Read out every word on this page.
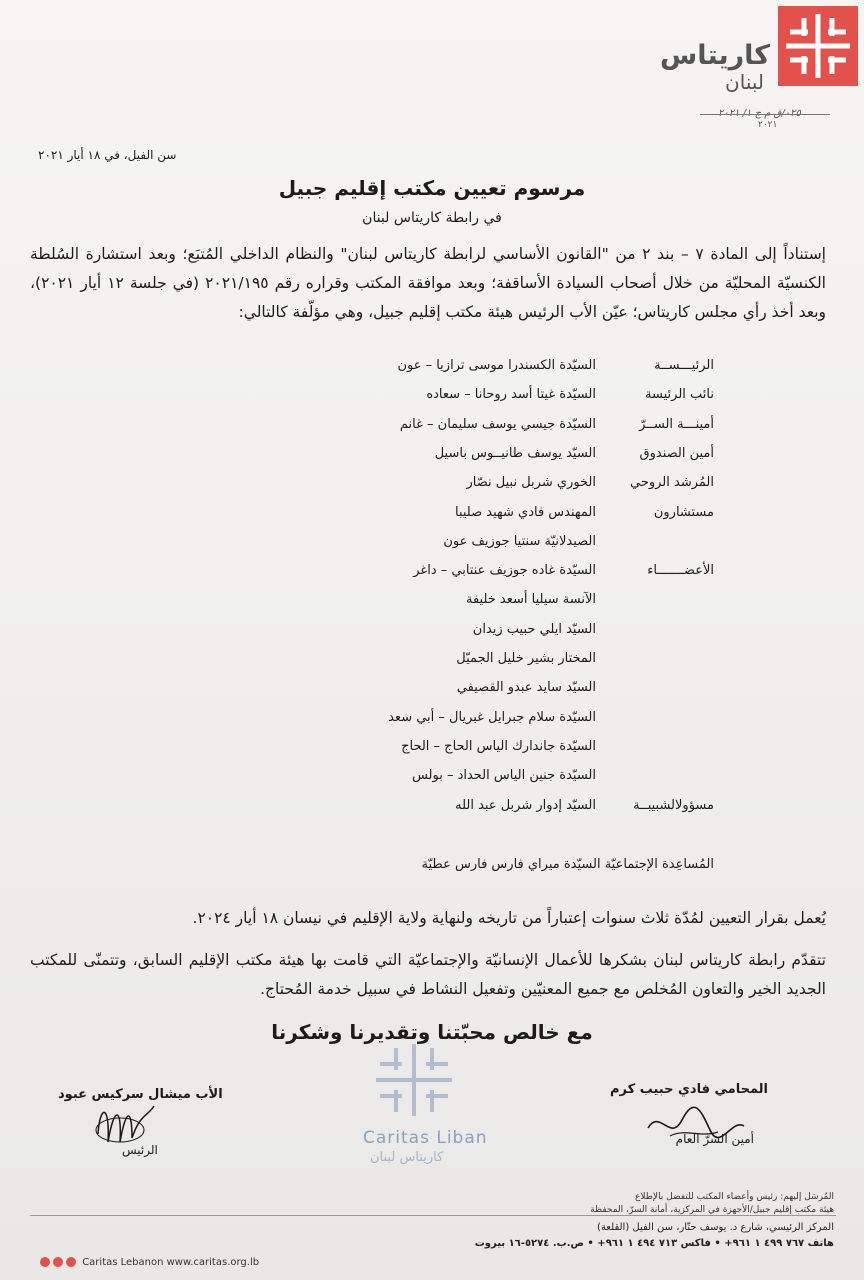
كاريتاس
لبنان
٢٠٢١
سن الفيل، في ١٨ أيار ٢٠٢١
مرسوم تعيين مكتب إقليم جبيل
في رابطة كاريتاس لبنان
إستناداً إلى المادة ٧ – بند ٢ من "القانون الأساسي لرابطة كاريتاس لبنان" والنظام الداخلي المُتبَع؛ وبعد استشارة السُلطة الكنسيّة المحليّة من خلال أصحاب السيادة الأساقفة؛ وبعد موافقة المكتب وقراره رقم ٢٠٢١/١٩٥ (في جلسة ١٢ أيار ٢٠٢١)، وبعد أخذ رأي مجلس كاريتاس؛ عيّن الأب الرئيس هيئة مكتب إقليم جبيل، وهي مؤلّفة كالتالي:
الرئيـــســة
السيّدة الكسندرا موسى ترازيا – عون
نائب الرئيسة
السيّدة غيتا أسد روحانا – سعاده
أمينـــة الســرّ
السيّدة جيسي يوسف سليمان – غانم
أمين الصندوق
السيّد يوسف طانيــوس باسيل
المُرشد الروحي
الخوري شربل نبيل نصّار
مستشارون
المهندس فادي شهيد صليبا
الصيدلانيّة سنتيا جوزيف عون
الأعضـــــــاء
السيّدة غاده جوزيف عنتابي – داغر
الآنسة سيليا أسعد خليفة
السيّد ايلي حبيب زيدان
المختار بشير خليل الجميّل
السيّد سايد عبدو القصيفي
السيّدة سلام جبرايل غبريال – أبي سعد
السيّدة جاندارك الياس الحاج – الحاج
السيّدة جنين الياس الحداد – بولس
مسؤولالشبيبــة
السيّد إدوار شربل عبد الله
المُساعِدة الإجتماعيّة السيّدة ميراي فارس فارس عطيّة
يُعمل بقرار التعيين لمُدّة ثلاث سنوات إعتباراً من تاريخه ولنهاية ولاية الإقليم في نيسان ١٨ أيار ٢٠٢٤.
تتقدّم رابطة كاريتاس لبنان بشكرها للأعمال الإنسانيّة والإجتماعيّة التي قامت بها هيئة مكتب الإقليم السابق، وتتمنّى للمكتب الجديد الخير والتعاون المُخلص مع جميع المعنيّين وتفعيل النشاط في سبيل خدمة المُحتاج.
مع خالص محبّتنا وتقديرنا وشكرنا
Caritas Liban
كاريتاس لبنان
المحامي فادي حبيب كرم
أمين السرّ العام
الأب ميشال سركيس عبود
الرئيس
المُرسَل إليهم: رئيس وأعضاء المكتب للتفضل بالإطلاع
هيئة مكتب إقليم جبيل/الأجهزة في المركزية، أمانة السرّ، المحفظة
المركز الرئيسي، شارع د. يوسف حتّار، سن الفيل (القلعة)
هاتف ٧٦٧ ٤٩٩ ١ ٩٦١+ • فاكس ٧١٣ ٤٩٤ ١ ٩٦١+ • ص.ب. ٥٢٧٤-١٦ بيروت
Caritas Lebanon www.caritas.org.lb
